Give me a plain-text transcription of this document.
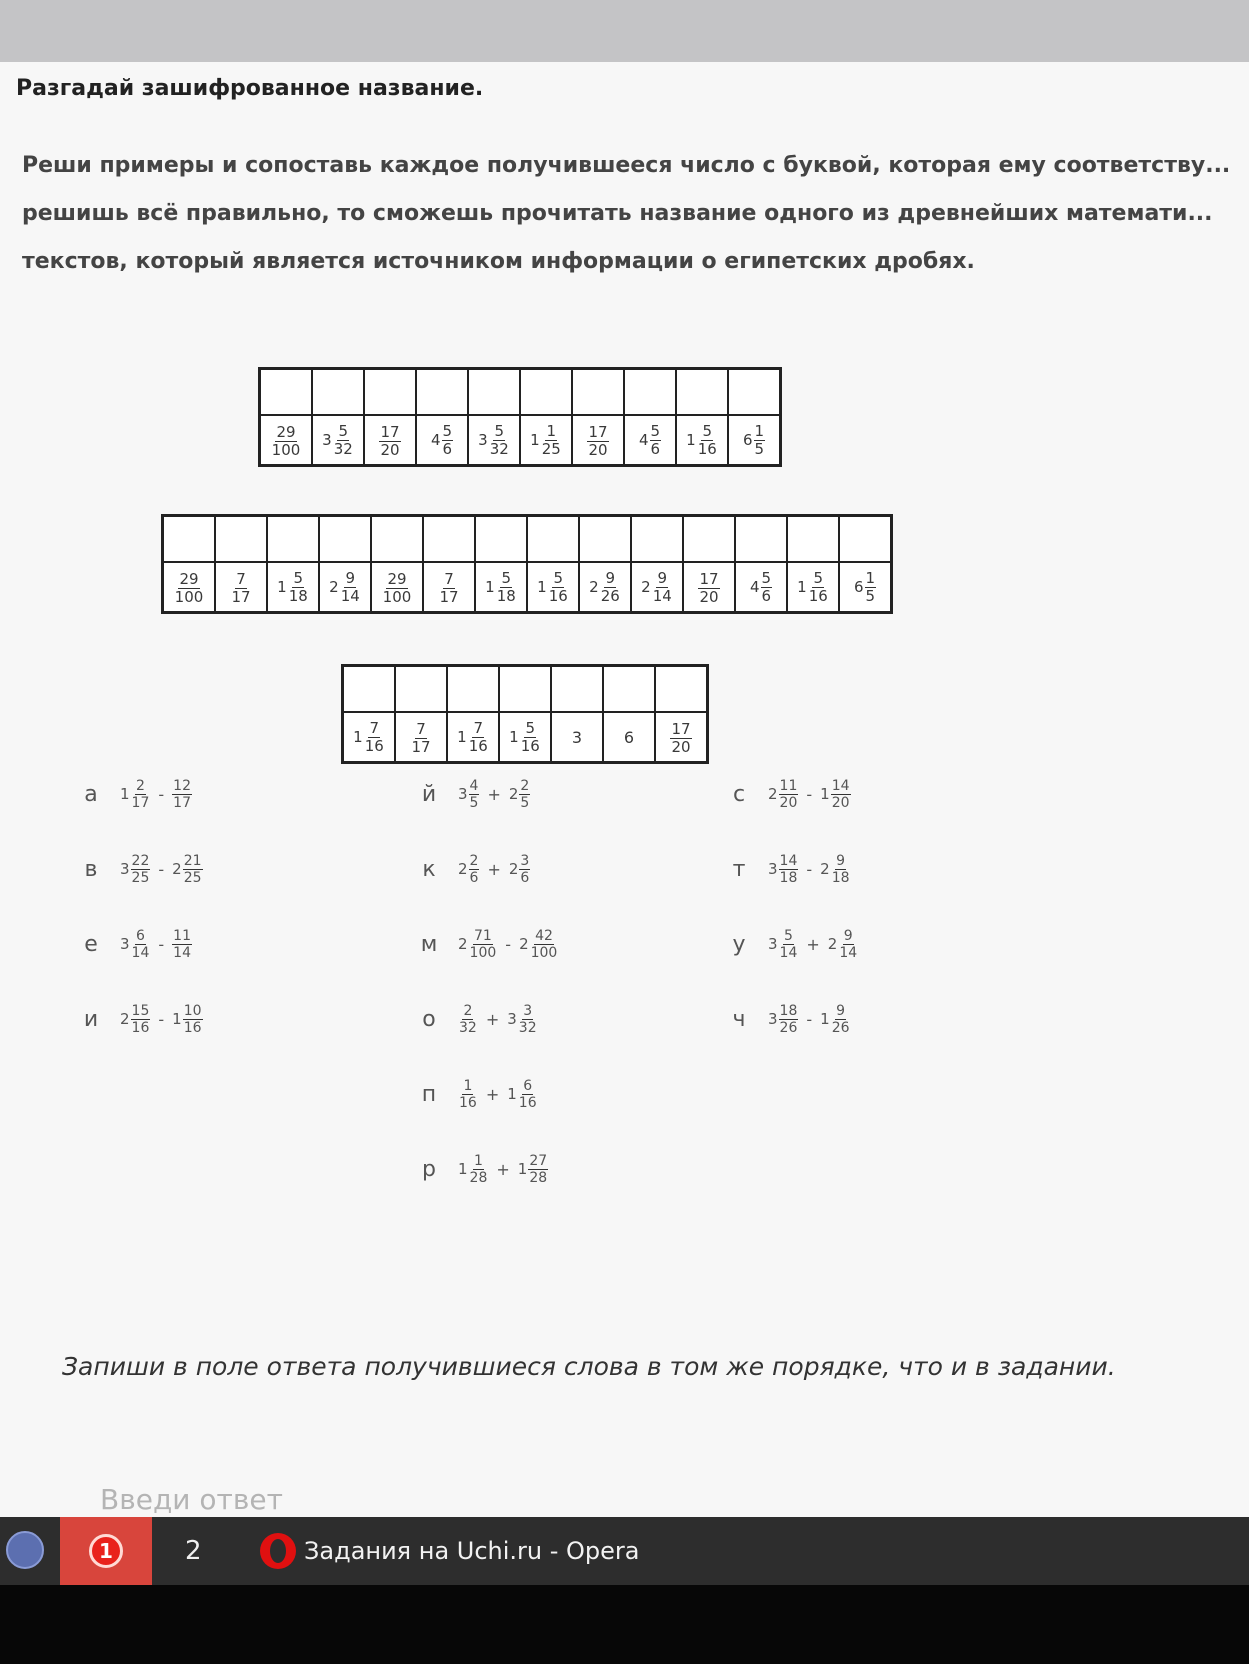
Разгадай зашифрованное название.

Реши примеры и сопоставь каждое получившееся число с буквой, которая ему соответству... решишь всё правильно, то сможешь прочитать название одного из древнейших математи... текстов, который является источником информации о египетских дробях.

$\frac{29}{100}$	$3 \frac{5}{32}$	$\frac{17}{20}$	$4 \frac{5}{6}$	$3 \frac{5}{32}$	$1 \frac{1}{25}$	$\frac{17}{20}$	$4 \frac{5}{6}$	$1 \frac{5}{16}$	$6 \frac{1}{5}$

$\frac{29}{100}$	$\frac{7}{17}$	$1 \frac{5}{18}$	$2 \frac{9}{14}$	$\frac{29}{100}$	$\frac{7}{17}$	$1 \frac{5}{18}$	$1 \frac{5}{16}$	$2 \frac{9}{26}$	$2 \frac{9}{14}$	$\frac{17}{20}$	$4 \frac{5}{6}$	$1 \frac{5}{16}$	$6 \frac{1}{5}$

$1 \frac{7}{16}$	$\frac{7}{17}$	$1 \frac{7}{16}$	$1 \frac{5}{16}$	3	6	$\frac{17}{20}$
а	$1 \frac{2}{17} - \frac{12}{17}$
в	$3 \frac{22}{25} - 2 \frac{21}{25}$
е	$3 \frac{6}{14} - \frac{11}{14}$
и	$2 \frac{15}{16} - 1 \frac{10}{16}$
й	$3 \frac{4}{5} + 2 \frac{2}{5}$
к	$2 \frac{2}{6} + 2 \frac{3}{6}$
м	$2 \frac{71}{100} - 2 \frac{42}{100}$
о	$\frac{2}{32} + 3 \frac{3}{32}$
п	$\frac{1}{16} + 1 \frac{6}{16}$
р	$1 \frac{1}{28} + 1 \frac{27}{28}$
с	$2 \frac{11}{20} - 1 \frac{14}{20}$
т	$3 \frac{14}{18} - 2 \frac{9}{18}$
у	$3 \frac{5}{14} + 2 \frac{9}{14}$
ч	$3 \frac{18}{26} - 1 \frac{9}{26}$

Запиши в поле ответа получившиеся слова в том же порядке, что и в задании.

Введи ответ
1	2	Задания на Uchi.ru - Opera
